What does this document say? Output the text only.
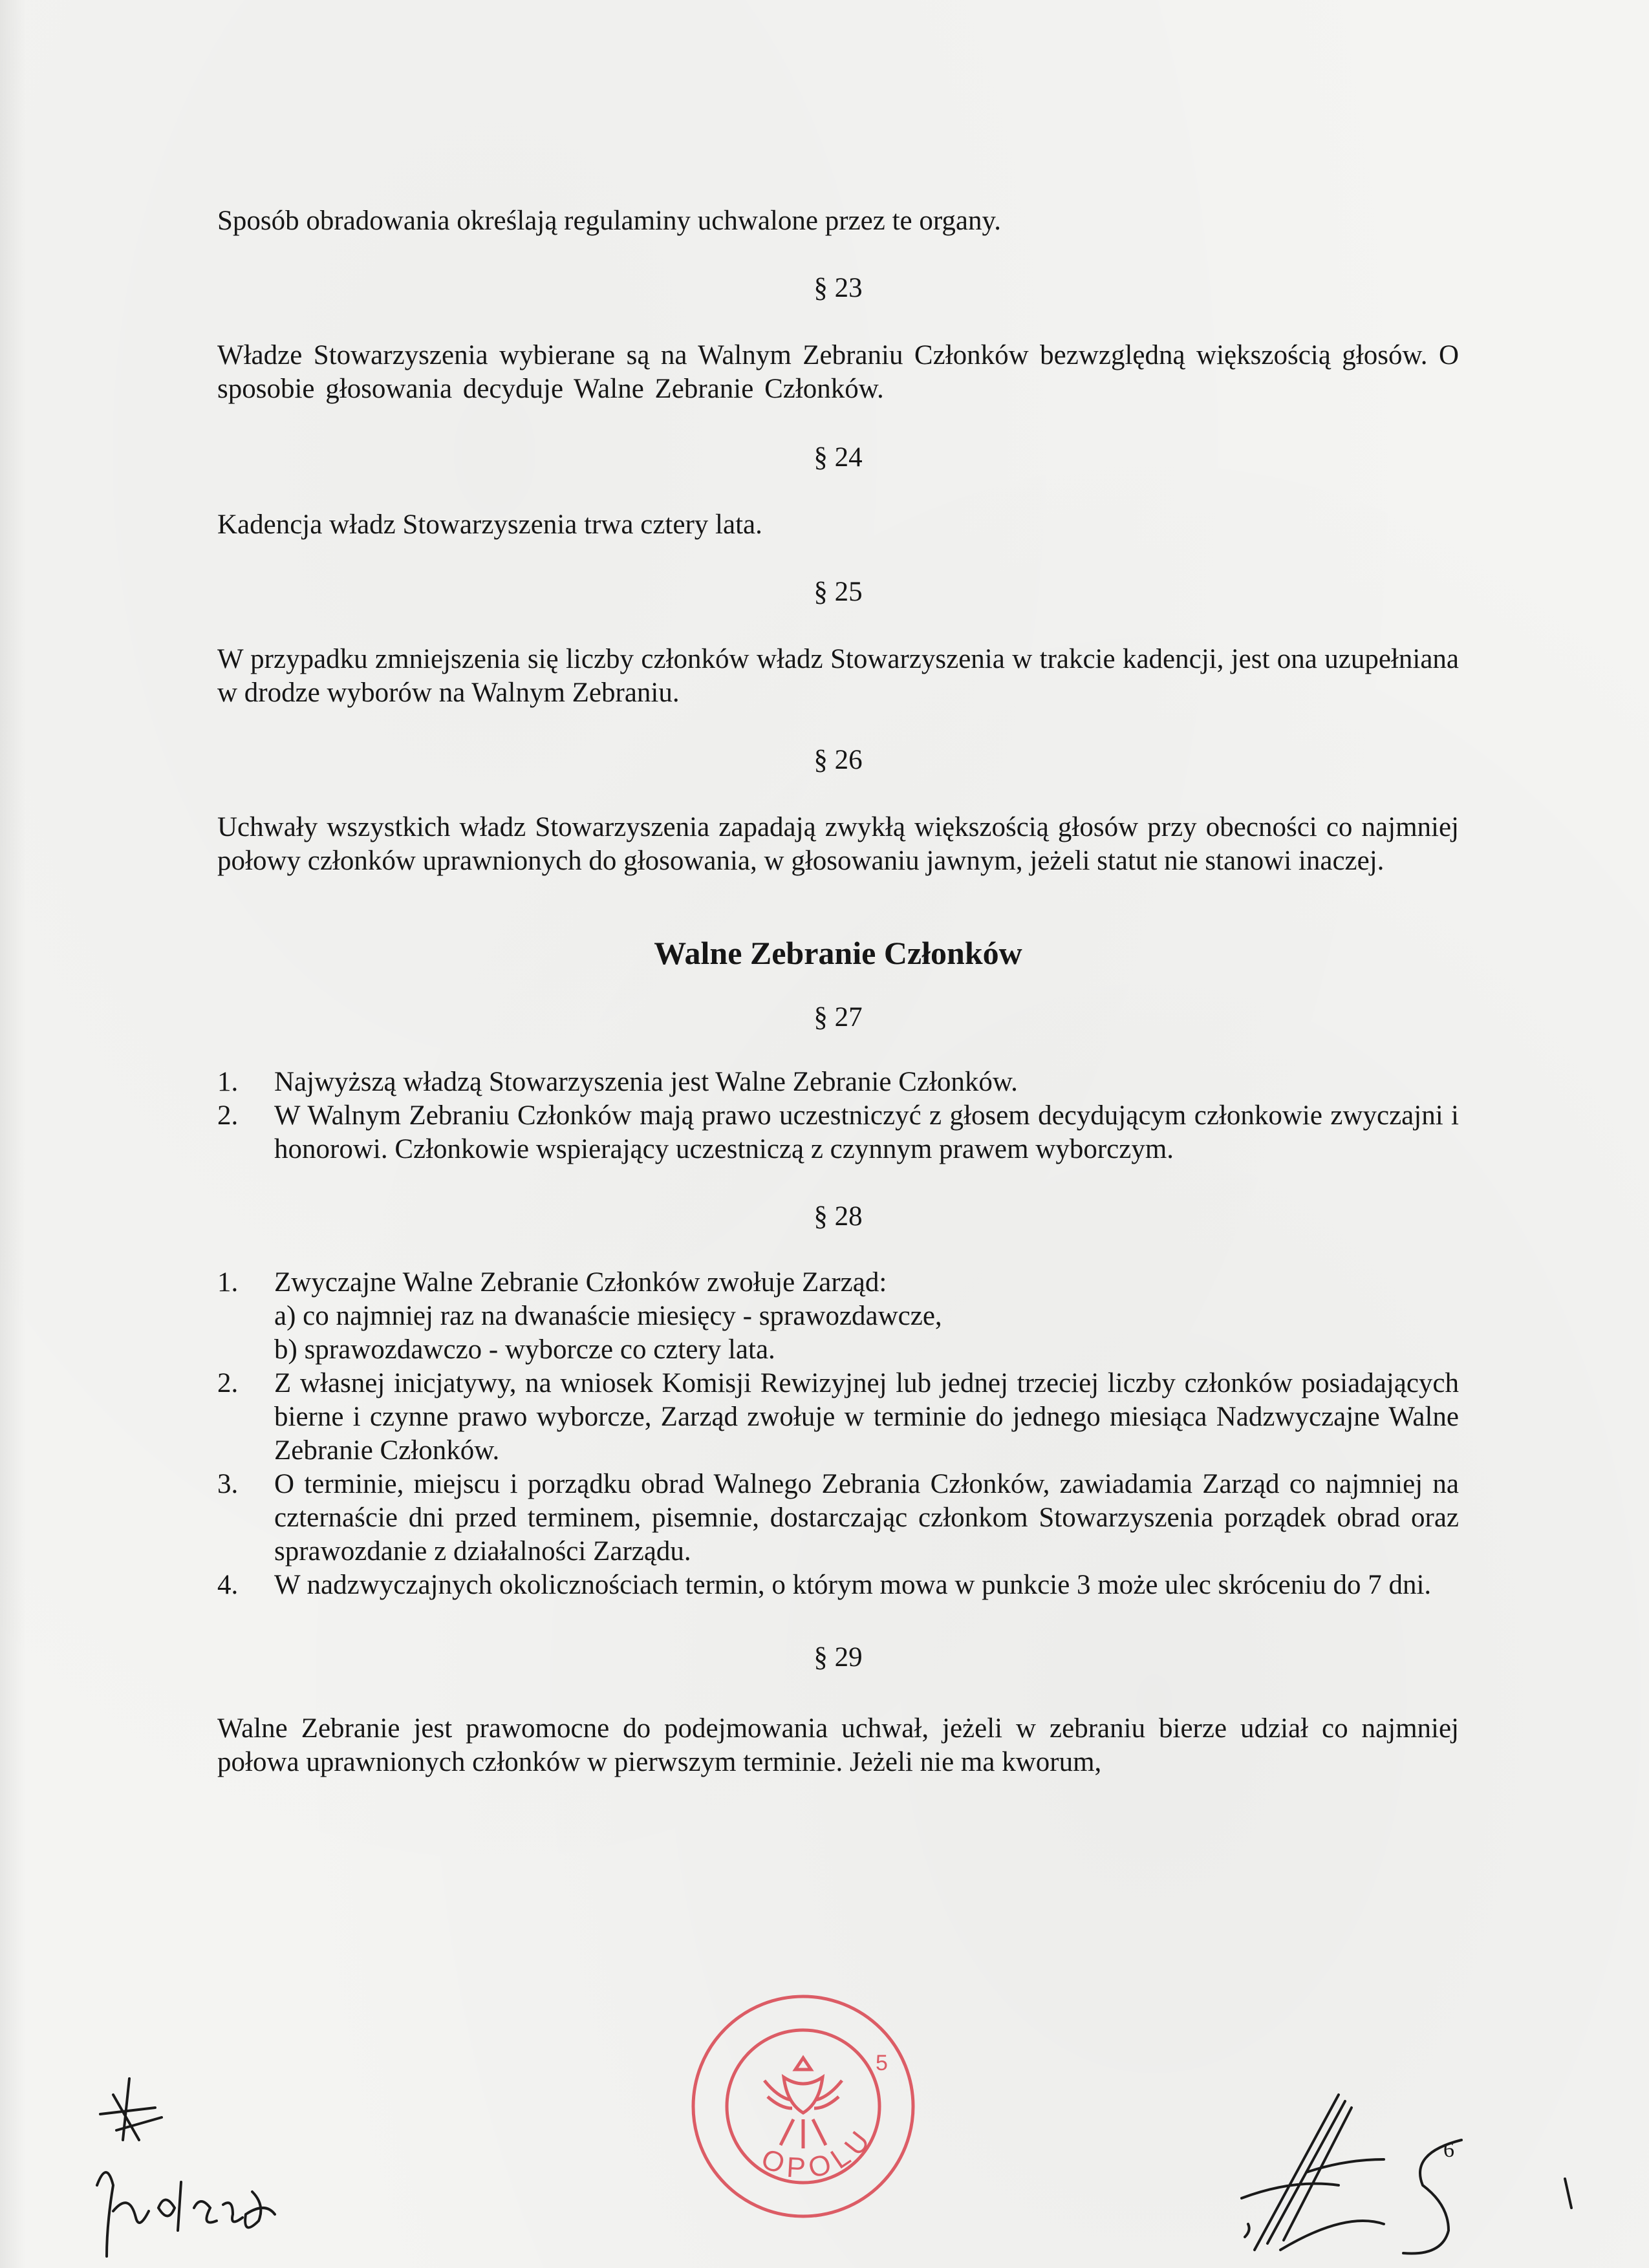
Sposób obradowania określają regulaminy uchwalone przez te organy.

§ 23

Władze Stowarzyszenia wybierane są na Walnym Zebraniu Członków bezwzględną większością głosów. O sposobie głosowania decyduje Walne Zebranie Członków.

§ 24

Kadencja władz Stowarzyszenia trwa cztery lata.

§ 25

W przypadku zmniejszenia się liczby członków władz Stowarzyszenia w trakcie kadencji, jest ona uzupełniana w drodze wyborów na Walnym Zebraniu.

§ 26

Uchwały wszystkich władz Stowarzyszenia zapadają zwykłą większością głosów przy obecności co najmniej połowy członków uprawnionych do głosowania, w głosowaniu jawnym, jeżeli statut nie stanowi inaczej.

Walne Zebranie Członków

§ 27

1. Najwyższą władzą Stowarzyszenia jest Walne Zebranie Członków.
2. W Walnym Zebraniu Członków mają prawo uczestniczyć z głosem decydującym członkowie zwyczajni i honorowi. Członkowie wspierający uczestniczą z czynnym prawem wyborczym.

§ 28

1. Zwyczajne Walne Zebranie Członków zwołuje Zarząd:
a) co najmniej raz na dwanaście miesięcy - sprawozdawcze,
b) sprawozdawczo - wyborcze co cztery lata.
2. Z własnej inicjatywy, na wniosek Komisji Rewizyjnej lub jednej trzeciej liczby członków posiadających bierne i czynne prawo wyborcze, Zarząd zwołuje w terminie do jednego miesiąca Nadzwyczajne Walne Zebranie Członków.
3. O terminie, miejscu i porządku obrad Walnego Zebrania Członków, zawiadamia Zarząd co najmniej na czternaście dni przed terminem, pisemnie, dostarczając członkom Stowarzyszenia porządek obrad oraz sprawozdanie z działalności Zarządu.
4. W nadzwyczajnych okolicznościach termin, o którym mowa w punkcie 3 może ulec skróceniu do 7 dni.

§ 29

Walne Zebranie jest prawomocne do podejmowania uchwał, jeżeli w zebraniu bierze udział co najmniej połowa uprawnionych członków w pierwszym terminie. Jeżeli nie ma kworum,

OPOLU
5
6
